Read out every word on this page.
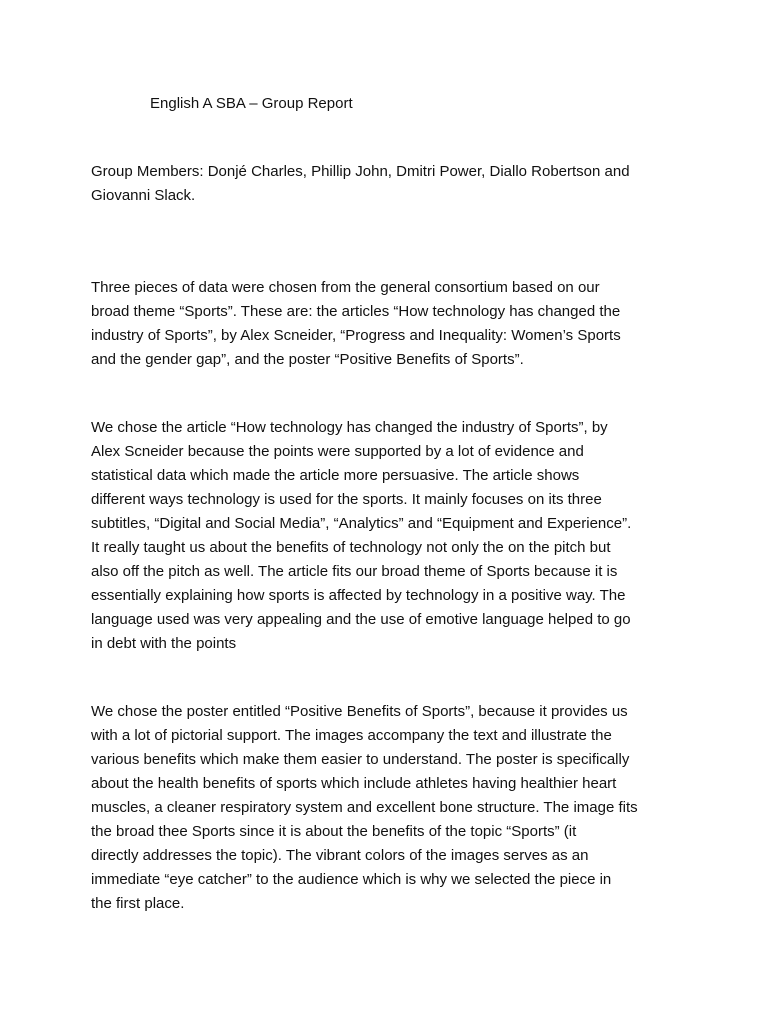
English A SBA – Group Report

Group Members: Donjé Charles, Phillip John, Dmitri Power, Diallo Robertson and
Giovanni Slack.

Three pieces of data were chosen from the general consortium based on our
broad theme “Sports”. These are: the articles “How technology has changed the
industry of Sports”, by Alex Scneider, “Progress and Inequality: Women’s Sports
and the gender gap”, and the poster “Positive Benefits of Sports”.

We chose the article “How technology has changed the industry of Sports”, by
Alex Scneider because the points were supported by a lot of evidence and
statistical data which made the article more persuasive. The article shows
different ways technology is used for the sports. It mainly focuses on its three
subtitles, “Digital and Social Media”, “Analytics” and “Equipment and Experience”.
It really taught us about the benefits of technology not only the on the pitch but
also off the pitch as well. The article fits our broad theme of Sports because it is
essentially explaining how sports is affected by technology in a positive way. The
language used was very appealing and the use of emotive language helped to go
in debt with the points

We chose the poster entitled “Positive Benefits of Sports”, because it provides us
with a lot of pictorial support. The images accompany the text and illustrate the
various benefits which make them easier to understand. The poster is specifically
about the health benefits of sports which include athletes having healthier heart
muscles, a cleaner respiratory system and excellent bone structure. The image fits
the broad thee Sports since it is about the benefits of the topic “Sports” (it
directly addresses the topic). The vibrant colors of the images serves as an
immediate “eye catcher” to the audience which is why we selected the piece in
the first place.
